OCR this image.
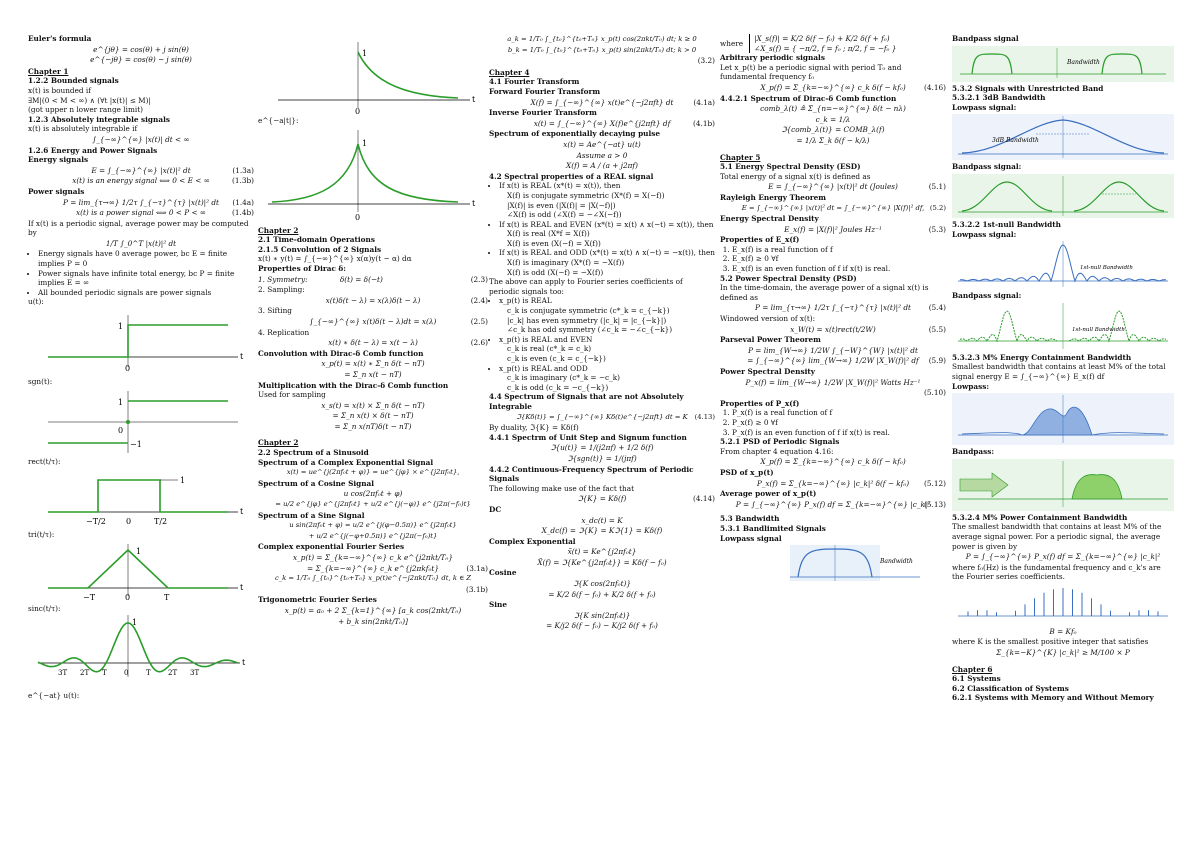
Euler's formula
e^{jθ} = cos(θ) + j sin(θ)
e^{−jθ} = cos(θ) − j sin(θ)
Chapter 1
1.2.2 Bounded signals
x(t) is bounded if
∃M|(0 < M < ∞) ∧ (∀t |x(t)| ≤ M)|
(got upper n lower range limit)
1.2.3 Absolutely integrable signals
x(t) is absolutely integrable if
∫_{−∞}^{∞} |x(t)| dt < ∞
1.2.6 Energy and Power Signals
Energy signals
E = ∫_{−∞}^{∞} |x(t)|² dt	(1.3a)
x(t) is an energy signal ⟺ 0 < E < ∞	(1.3b)
Power signals
P = lim_{τ→∞} 1/2τ ∫_{−τ}^{τ} |x(t)|² dt (1.4a)
x(t) is a power signal ⟺ 0 < P < ∞	(1.4b)
If x(t) is a periodic signal, average power may be computed by
1/T ∫_0^T |x(t)|² dt
• Energy signals have 0 average power, bc E = finite implies P = 0
• Power signals have infinite total energy, bc P = finite implies E = ∞
• All bounded periodic signals are power signals
u(t):
t
1
0
sgn(t):
1
0
−1
rect(t/τ):
t
1
−T/2	0	T/2
tri(t/τ):
t
1
−T	0	T
sinc(t/τ):
t
1
3T 2T T 0	T 2T 3T
e^{−at} u(t):
t
1
0
e^{−a|t|}:
t
1
0
Chapter 2
2.1 Time-domain Operations
2.1.5 Convolution of 2 Signals
x(t) ∗ y(t) = ∫_{−∞}^{∞} x(α)y(t − α) dα
Properties of Dirac δ:
1. Symmetry:	δ(t) = δ(−t)	(2.3)
2. Sampling:
x(t)δ(t − λ) = x(λ)δ(t − λ)	(2.4)
3. Sifting
∫_{−∞}^{∞} x(t)δ(t − λ)dt = x(λ)	(2.5)
4. Replication
x(t) ∗ δ(t − λ) = x(t − λ)	(2.6)
Convolution with Dirac-δ Comb function
x_p(t) = x(t) ∗ Σ_n δ(t − nT)
= Σ_n x(t − nT)
Multiplication with the Dirac-δ Comb function
Used for sampling
x_s(t) = x(t) × Σ_n δ(t − nT)
= Σ_n x(t) × δ(t − nT)
= Σ_n x(nT)δ(t − nT)
Chapter 2
2.2 Spectrum of a Sinusoid
Spectrum of a Complex Exponential Signal
x(t) = ue^{j(2πf₀t + φ)} = ue^{jφ} × e^{j2πf₀t},
Spectrum of a Cosine Signal
u cos(2πf₀t + φ)
= u/2 e^{jφ} e^{j2πf₀t} + u/2 e^{j(−φ)} e^{j2π(−f₀)t}
Spectrum of a Sine Signal
u sin(2πf₀t + φ) = u/2 e^{j(φ−0.5π)} e^{j2πf₀t}
+ u/2 e^{j(−φ+0.5π)} e^{j2π(−f₀)t}
Complex exponential Fourier Series
x_p(t) = Σ_{k=−∞}^{∞} c_k e^{j2πkt/T₀}
= Σ_{k=−∞}^{∞} c_k e^{j2πkf₀t}	(3.1a)
c_k = 1/T₀ ∫_{t₀}^{t₀+T₀} x_p(t)e^{−j2πkt/T₀} dt, k ∈ Z
(3.1b)

Trigonometric Fourier Series
x_p(t) = a₀ + 2 Σ_{k=1}^{∞} [a_k cos(2πkt/T₀)
+ b_k sin(2πkt/T₀)]
a_k = 1/T₀ ∫_{t₀}^{t₀+T₀} x_p(t) cos(2πkt/T₀) dt; k ≥ 0
b_k = 1/T₀ ∫_{t₀}^{t₀+T₀} x_p(t) sin(2πkt/T₀) dt; k > 0

(3.2)
Chapter 4
4.1 Fourier Transform
Forward Fourier Transform
X(f) = ∫_{−∞}^{∞} x(t)e^{−j2πft} dt	(4.1a)
Inverse Fourier Transform
x(t) = ∫_{−∞}^{∞} X(f)e^{j2πft} df	(4.1b)
Spectrum of exponentially decaying pulse
x(t) = Ae^{−at} u(t)
Assume a > 0
X(f) = A / (a + j2πf)
4.2 Spectral properties of a REAL signal
• If x(t) is REAL (x*(t) = x(t)), then
X(f) is conjugate symmetric (X*(f) = X(−f))
|X(f)| is even (|X(f)| = |X(−f)|)
∠X(f) is odd (∠X(f) = −∠X(−f))
• If x(t) is REAL and EVEN (x*(t) = x(t) ∧ x(−t) = x(t)), then
X(f) is real (X*f = X(f))
X(f) is even (X(−f) = X(f))
• If x(t) is REAL and ODD (x*(t) = x(t) ∧ x(−t) = −x(t)), then
X(f) is imaginary (X*(f) = −X(f))
X(f) is odd (X(−f) = −X(f))
The above can apply to Fourier series coefficients of periodic signals too:
• x_p(t) is REAL
c_k is conjugate symmetric (c*_k = c_{−k})
|c_k| has even symmetry (|c_k| = |c_{−k}|)
∠c_k has odd symmetry (∠c_k = −∠c_{−k})
• x_p(t) is REAL and EVEN
c_k is real (c*_k = c_k)
c_k is even (c_k = c_{−k})
• x_p(t) is REAL and ODD
c_k is imaginary (c*_k = −c_k)
c_k is odd (c_k = −c_{−k})
4.4 Spectrum of Signals that are not Absolutely Integrable
ℑ{Kδ(t)} = ∫_{−∞}^{∞} Kδ(t)e^{−j2πft} dt = K (4.13)
By duality, ℑ{K} = Kδ(f)
4.4.1 Spectrm of Unit Step and Signum function
ℑ{u(t)} = 1/(j2πf) + 1/2 δ(f)
ℑ{sgn(t)} = 1/(jπf)
4.4.2 Continuous-Frequency Spectrum of Periodic Signals
The following make use of the fact that
ℑ{K} = Kδ(f)	(4.14)
DC
x_dc(t) = K
X_dc(f) = ℑ{K} = Kℑ{1} = Kδ(f)
Complex Exponential
x̃(t) = Ke^{j2πf₀t}
X̃(f) = ℑ{Ke^{j2πf₀t}} = Kδ(f − f₀)
Cosine
ℑ{K cos(2πf₀t)}
= K/2 δ(f − f₀) + K/2 δ(f + f₀)
Sine
ℑ{K sin(2πf₀t)}
= K/j2 δ(f − f₀) − K/j2 δ(f + f₀)
where
|X_s(f)| = K/2 δ(f − f₀) + K/2 δ(f + f₀)
∠X_s(f) = { −π/2, f = f₀ ; π/2, f = −f₀ }
Arbitrary periodic signals
Let x_p(t) be a periodic signal with period T₀ and fundamental frequency f₀
X_p(f) = Σ_{k=−∞}^{∞} c_k δ(f − kf₀)	(4.16)
4.4.2.1 Spectrum of Dirac-δ Comb function
comb_λ(t) ≜ Σ_{n=−∞}^{∞} δ(t − nλ)
c_k = 1/λ
ℑ{comb_λ(t)} = COMB_λ(f)
= 1/λ Σ_k δ(f − k/λ)
Chapter 5
5.1 Energy Spectral Density (ESD)
Total energy of a signal x(t) is defined as
E = ∫_{−∞}^{∞} |x(t)|² dt (Joules)	(5.1)
Rayleigh Energy Theorem
E = ∫_{−∞}^{∞} |x(t)|² dt = ∫_{−∞}^{∞} |X(f)|² df, (5.2)
Energy Spectral Density
E_x(f) = |X(f)|² Joules Hz⁻¹	(5.3)
Properties of E_x(f)
1. E_x(f) is a real function of f
2. E_x(f) ≥ 0 ∀f
3. E_x(f) is an even function of f if x(t) is real.
5.2 Power Spectral Density (PSD)
In the time-domain, the average power of a signal x(t) is defined as
P = lim_{τ→∞} 1/2τ ∫_{−τ}^{τ} |x(t)|² dt (5.4)
Windowed version of x(t):
x_W(t) = x(t)rect(t/2W)	(5.5)
Parseval Power Theorem
P = lim_{W→∞} 1/2W ∫_{−W}^{W} |x(t)|² dt
= ∫_{−∞}^{∞} lim_{W→∞} 1/2W |X_W(f)|² df (5.9)
Power Spectral Density
P_x(f) = lim_{W→∞} 1/2W |X_W(f)|² Watts Hz⁻¹

(5.10)
Properties of P_x(f)
1. P_x(f) is a real function of f
2. P_x(f) ≥ 0 ∀f
3. P_x(f) is an even function of f if x(t) is real.
5.2.1 PSD of Periodic Signals
From chapter 4 equation 4.16:
X_p(f) = Σ_{k=−∞}^{∞} c_k δ(f − kf₀)
PSD of x_p(t)
P_x(f) = Σ_{k=−∞}^{∞} |c_k|² δ(f − kf₀) (5.12)
Average power of x_p(t)
P = ∫_{−∞}^{∞} P_x(f) df = Σ_{k=−∞}^{∞} |c_k|²
(5.13)
5.3 Bandwidth
5.3.1 Bandlimited Signals
Lowpass signal
Bandwidth
Bandpass signal
Bandwidth
5.3.2 Signals with Unrestricted Band
5.3.2.1 3dB Bandwidth
Lowpass signal:
3dB Bandwidth
Bandpass signal:
5.3.2.2 1st-null Bandwidth
Lowpass signal:
1st-null Bandwidth
Bandpass signal:
1st-null Bandwidth
5.3.2.3 M% Energy Containment Bandwidth
Smallest bandwidth that contains at least M% of the total signal energy E = ∫_{−∞}^{∞} E_x(f) df
Lowpass:
Bandpass:
5.3.2.4 M% Power Containment Bandwidth
The smallest bandwidth that contains at least M% of the average signal power. For a periodic signal, the average power is given by
P = ∫_{−∞}^{∞} P_x(f) df = Σ_{k=−∞}^{∞} |c_k|²
where f₀(Hz) is the fundamental frequency and c_k's are the Fourier series coefficients.
B = Kf₀
where K is the smallest positive integer that satisfies
Σ_{k=−K}^{K} |c_k|² ≥ M/100 × P
Chapter 6
6.1 Systems
6.2 Classification of Systems
6.2.1 Systems with Memory and Without Memory
